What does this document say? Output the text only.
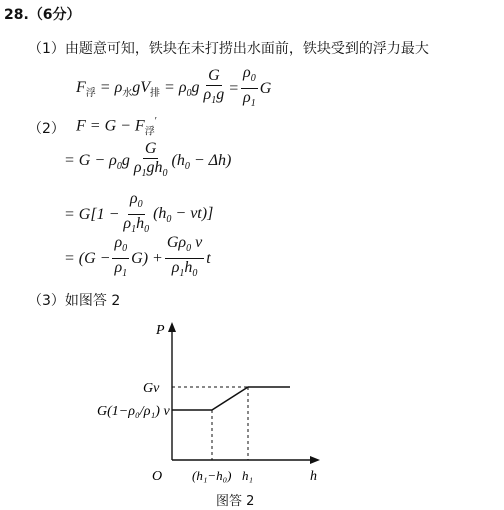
28.（6分）
（1）由题意可知，铁块在未打捞出水面前，铁块受到的浮力最大
$F_浮 = \rho_水gV_排 = \rho_0g \frac{G}{\rho_1g} = \frac{\rho_0}{\rho_1}$ G
（2） $F = G - F_浮'$
= $G - \rho_0g \frac{G}{\rho_1gh_0} (h_0 - \Delta h)$
= $G[1 - \frac{\rho_0}{\rho_1h_0} (h_0 - vt)]$
= $(G - \frac{\rho_0}{\rho_1} G) + \frac{G\rho_0 v}{\rho_1h_0}$ t
（3）如图答 2
P
h
O
Gv
G(1−ρ₀/ρ₁) v
(h₁−h₀) h₁
图答 2
